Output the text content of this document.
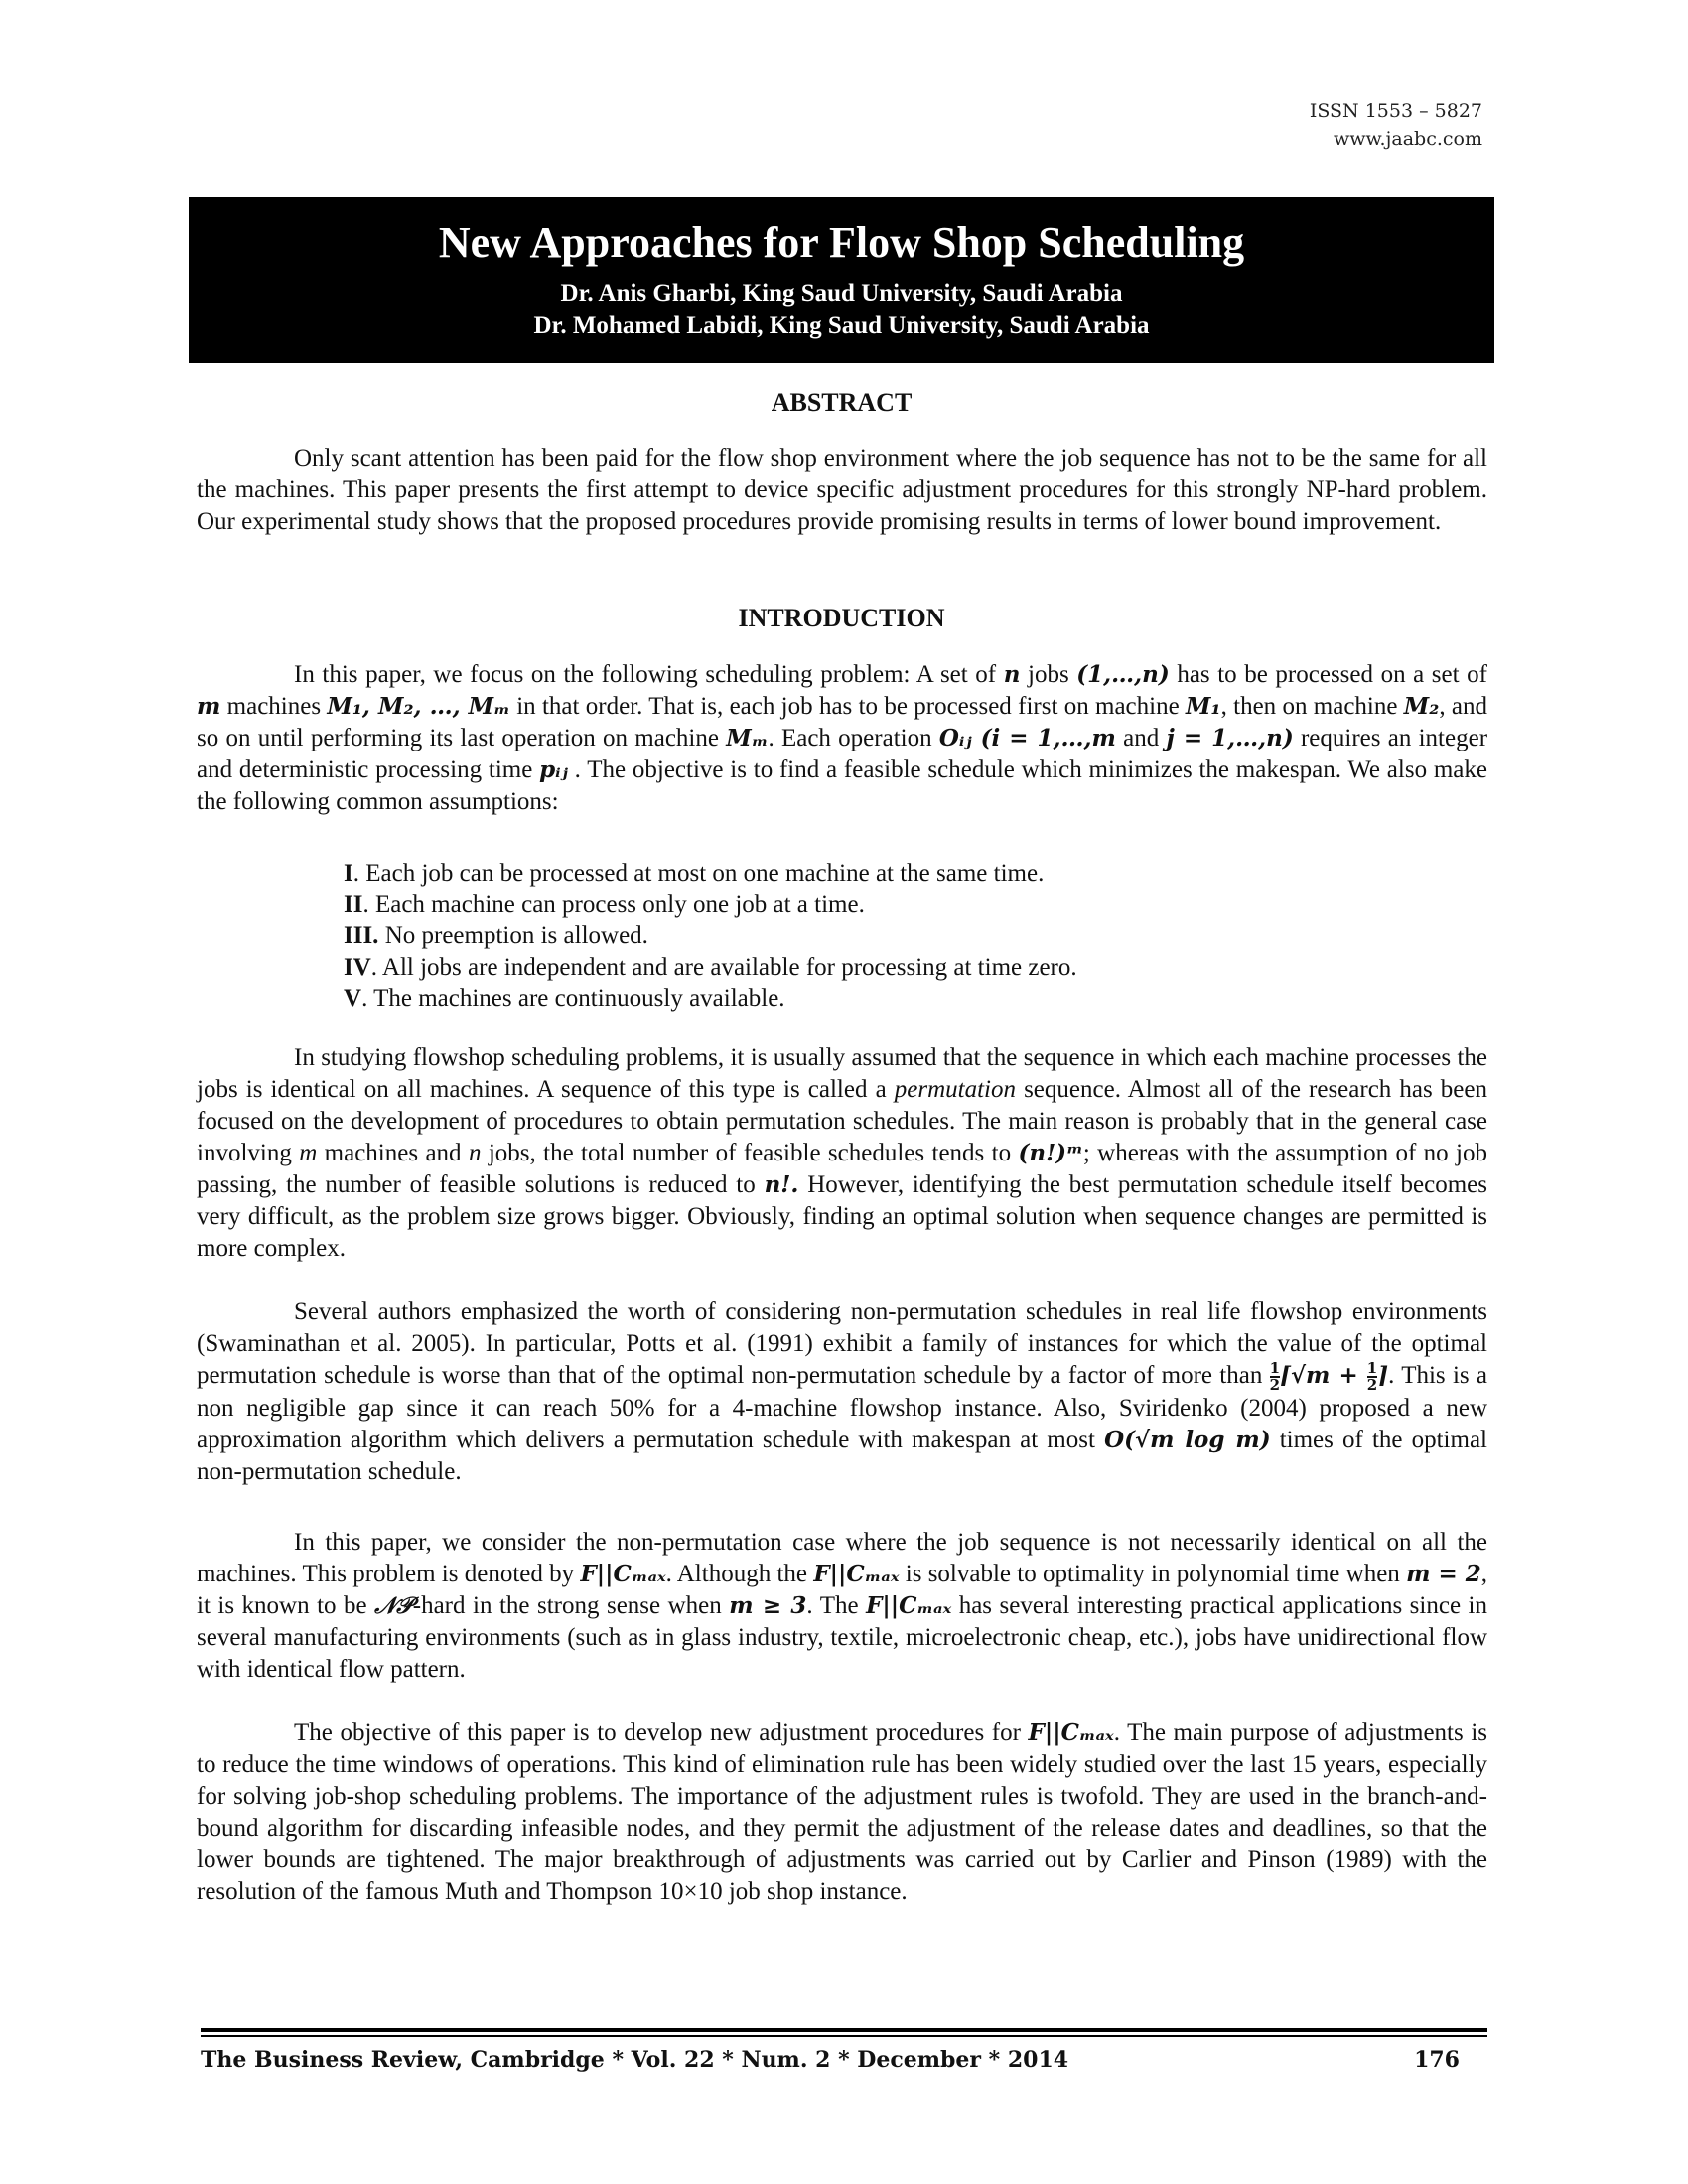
ISSN 1553 – 5827
www.jaabc.com
New Approaches for Flow Shop Scheduling
Dr. Anis Gharbi, King Saud University, Saudi Arabia
Dr. Mohamed Labidi, King Saud University, Saudi Arabia
ABSTRACT
Only scant attention has been paid for the flow shop environment where the job sequence has not to be the same for all the machines. This paper presents the first attempt to device specific adjustment procedures for this strongly NP-hard problem. Our experimental study shows that the proposed procedures provide promising results in terms of lower bound improvement.
INTRODUCTION
In this paper, we focus on the following scheduling problem: A set of n jobs (1,…,n) has to be processed on a set of m machines M₁, M₂, …, Mₘ in that order. That is, each job has to be processed first on machine M₁, then on machine M₂, and so on until performing its last operation on machine Mₘ. Each operation Oᵢⱼ (i = 1,…,m and j = 1,…,n) requires an integer and deterministic processing time pᵢⱼ . The objective is to find a feasible schedule which minimizes the makespan. We also make the following common assumptions:
I. Each job can be processed at most on one machine at the same time.
II. Each machine can process only one job at a time.
III. No preemption is allowed.
IV. All jobs are independent and are available for processing at time zero.
V. The machines are continuously available.
In studying flowshop scheduling problems, it is usually assumed that the sequence in which each machine processes the jobs is identical on all machines. A sequence of this type is called a permutation sequence. Almost all of the research has been focused on the development of procedures to obtain permutation schedules. The main reason is probably that in the general case involving m machines and n jobs, the total number of feasible schedules tends to (n!)ᵐ; whereas with the assumption of no job passing, the number of feasible solutions is reduced to n!. However, identifying the best permutation schedule itself becomes very difficult, as the problem size grows bigger. Obviously, finding an optimal solution when sequence changes are permitted is more complex.
Several authors emphasized the worth of considering non-permutation schedules in real life flowshop environments (Swaminathan et al. 2005). In particular, Potts et al. (1991) exhibit a family of instances for which the value of the optimal permutation schedule is worse than that of the optimal non-permutation schedule by a factor of more than $\frac{1}{2}$ ⌈√m + $\frac{1}{2}$ ⌉. This is a non negligible gap since it can reach 50% for a 4-machine flowshop instance. Also, Sviridenko (2004) proposed a new approximation algorithm which delivers a permutation schedule with makespan at most O(√m log m) times of the optimal non-permutation schedule.
In this paper, we consider the non-permutation case where the job sequence is not necessarily identical on all the machines. This problem is denoted by F||Cₘₐₓ. Although the F||Cₘₐₓ is solvable to optimality in polynomial time when m = 2, it is known to be 𝒩𝒫-hard in the strong sense when m ≥ 3. The F||Cₘₐₓ has several interesting practical applications since in several manufacturing environments (such as in glass industry, textile, microelectronic cheap, etc.), jobs have unidirectional flow with identical flow pattern.
The objective of this paper is to develop new adjustment procedures for F||Cₘₐₓ. The main purpose of adjustments is to reduce the time windows of operations. This kind of elimination rule has been widely studied over the last 15 years, especially for solving job-shop scheduling problems. The importance of the adjustment rules is twofold. They are used in the branch-and-bound algorithm for discarding infeasible nodes, and they permit the adjustment of the release dates and deadlines, so that the lower bounds are tightened. The major breakthrough of adjustments was carried out by Carlier and Pinson (1989) with the resolution of the famous Muth and Thompson 10×10 job shop instance.
The Business Review, Cambridge * Vol. 22 * Num. 2 * December * 2014	176
